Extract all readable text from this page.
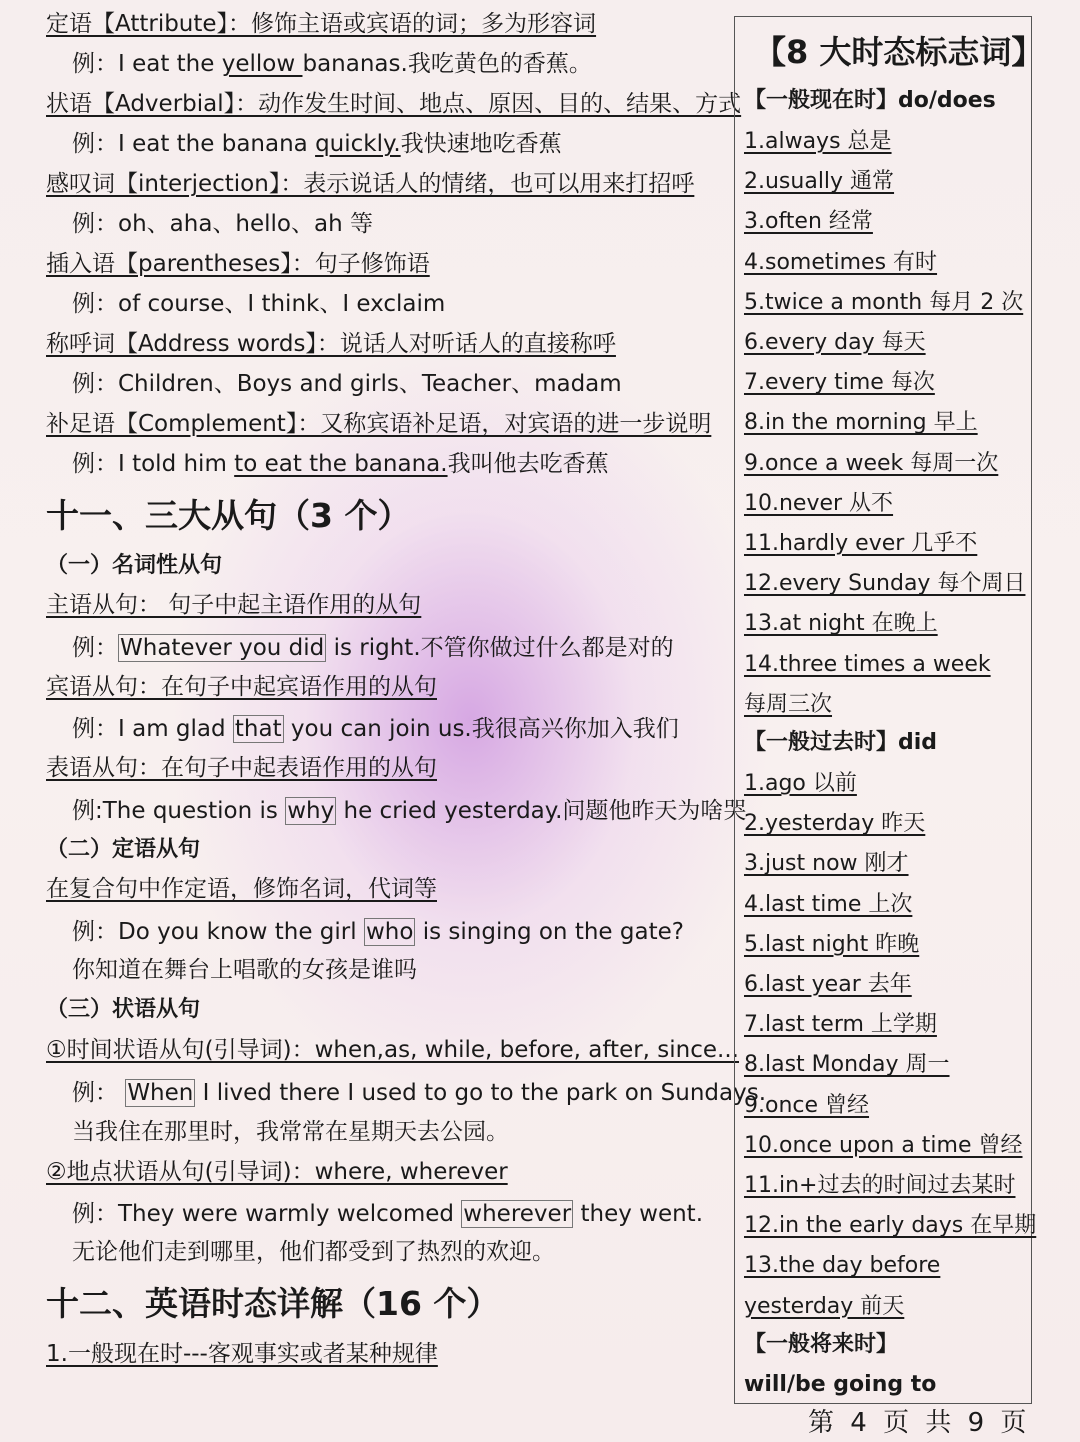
定语【Attribute】：修饰主语或宾语的词；多为形容词
例：I eat the yellow bananas.我吃黄色的香蕉。
状语【Adverbial】：动作发生时间、地点、原因、目的、结果、方式
例：I eat the banana quickly.我快速地吃香蕉
感叹词【interjection】：表示说话人的情绪，也可以用来打招呼
例：oh、aha、hello、ah 等
插入语【parentheses】：句子修饰语
例：of course、I think、I exclaim
称呼词【Address words】：说话人对听话人的直接称呼
例：Children、Boys and girls、Teacher、madam
补足语【Complement】：又称宾语补足语，对宾语的进一步说明
例：I told him to eat the banana.我叫他去吃香蕉
十一、三大从句（3 个）
（一）名词性从句
主语从句： 句子中起主语作用的从句
例：Whatever you did is right.不管你做过什么都是对的
宾语从句：在句子中起宾语作用的从句
例：I am glad that you can join us.我很高兴你加入我们
表语从句：在句子中起表语作用的从句
例:The question is why he cried yesterday.问题他昨天为啥哭
（二）定语从句
在复合句中作定语，修饰名词，代词等
例：Do you know the girl who is singing on the gate?
你知道在舞台上唱歌的女孩是谁吗
（三）状语从句
①时间状语从句(引导词)：when,as, while, before, after, since...
例： When I lived there I used to go to the park on Sundays.
当我住在那里时，我常常在星期天去公园。
②地点状语从句(引导词)：where, wherever
例：They were warmly welcomed wherever they went.
无论他们走到哪里，他们都受到了热烈的欢迎。
十二、英语时态详解（16 个）
1.一般现在时---客观事实或者某种规律
【8 大时态标志词】
【一般现在时】do/does
1.always 总是
2.usually 通常
3.often 经常
4.sometimes 有时
5.twice a month 每月 2 次
6.every day 每天
7.every time 每次
8.in the morning 早上
9.once a week 每周一次
10.never 从不
11.hardly ever 几乎不
12.every Sunday 每个周日
13.at night 在晚上
14.three times a week
每周三次
【一般过去时】did
1.ago 以前
2.yesterday 昨天
3.just now 刚才
4.last time 上次
5.last night 昨晚
6.last year 去年
7.last term 上学期
8.last Monday 周一
9.once 曾经
10.once upon a time 曾经
11.in+过去的时间过去某时
12.in the early days 在早期
13.the day before
yesterday 前天
【一般将来时】
will/be going to
第 4 页 共 9 页
